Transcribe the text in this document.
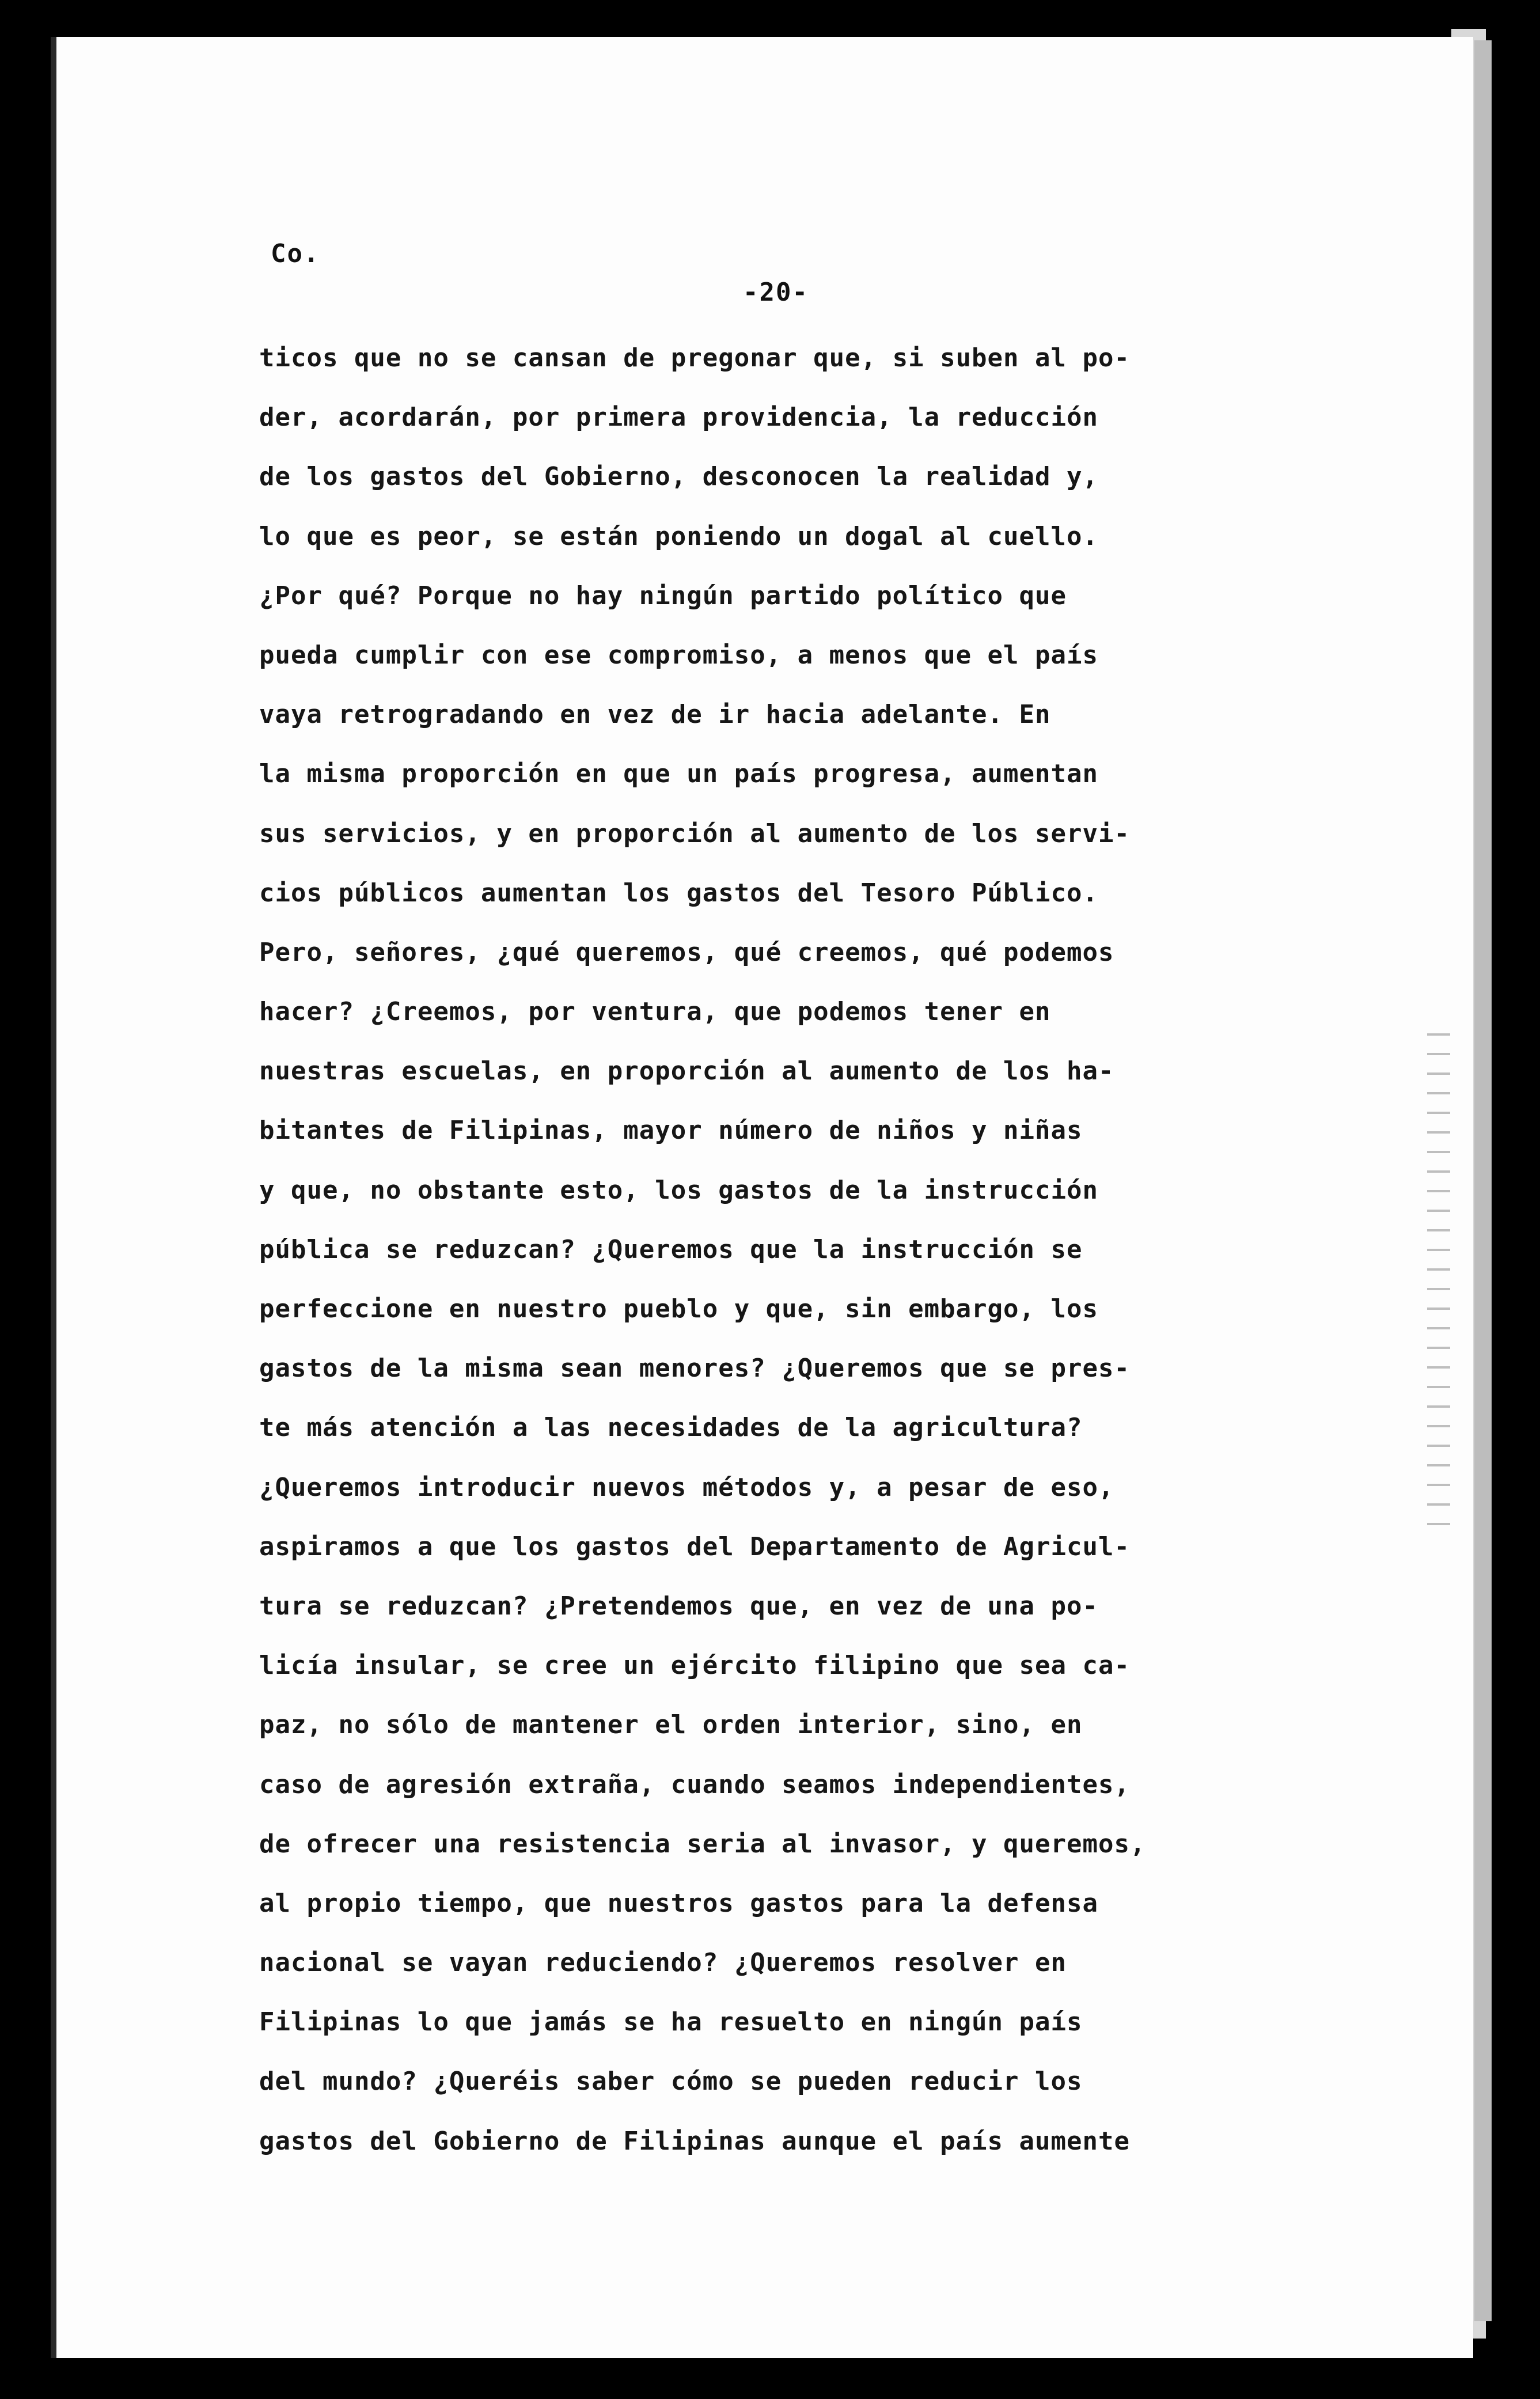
Co.
-20-
ticos que no se cansan de pregonar que, si suben al po-
der, acordarán, por primera providencia, la reducción
de los gastos del Gobierno, desconocen la realidad y,
lo que es peor, se están poniendo un dogal al cuello.
¿Por qué? Porque no hay ningún partido político que
pueda cumplir con ese compromiso, a menos que el país
vaya retrogradando en vez de ir hacia adelante. En
la misma proporción en que un país progresa, aumentan
sus servicios, y en proporción al aumento de los servi-
cios públicos aumentan los gastos del Tesoro Público.
Pero, señores, ¿qué queremos, qué creemos, qué podemos
hacer? ¿Creemos, por ventura, que podemos tener en
nuestras escuelas, en proporción al aumento de los ha-
bitantes de Filipinas, mayor número de niños y niñas
y que, no obstante esto, los gastos de la instrucción
pública se reduzcan? ¿Queremos que la instrucción se
perfeccione en nuestro pueblo y que, sin embargo, los
gastos de la misma sean menores? ¿Queremos que se pres-
te más atención a las necesidades de la agricultura?
¿Queremos introducir nuevos métodos y, a pesar de eso,
aspiramos a que los gastos del Departamento de Agricul-
tura se reduzcan? ¿Pretendemos que, en vez de una po-
licía insular, se cree un ejército filipino que sea ca-
paz, no sólo de mantener el orden interior, sino, en
caso de agresión extraña, cuando seamos independientes,
de ofrecer una resistencia seria al invasor, y queremos,
al propio tiempo, que nuestros gastos para la defensa
nacional se vayan reduciendo? ¿Queremos resolver en
Filipinas lo que jamás se ha resuelto en ningún país
del mundo? ¿Queréis saber cómo se pueden reducir los
gastos del Gobierno de Filipinas aunque el país aumente
